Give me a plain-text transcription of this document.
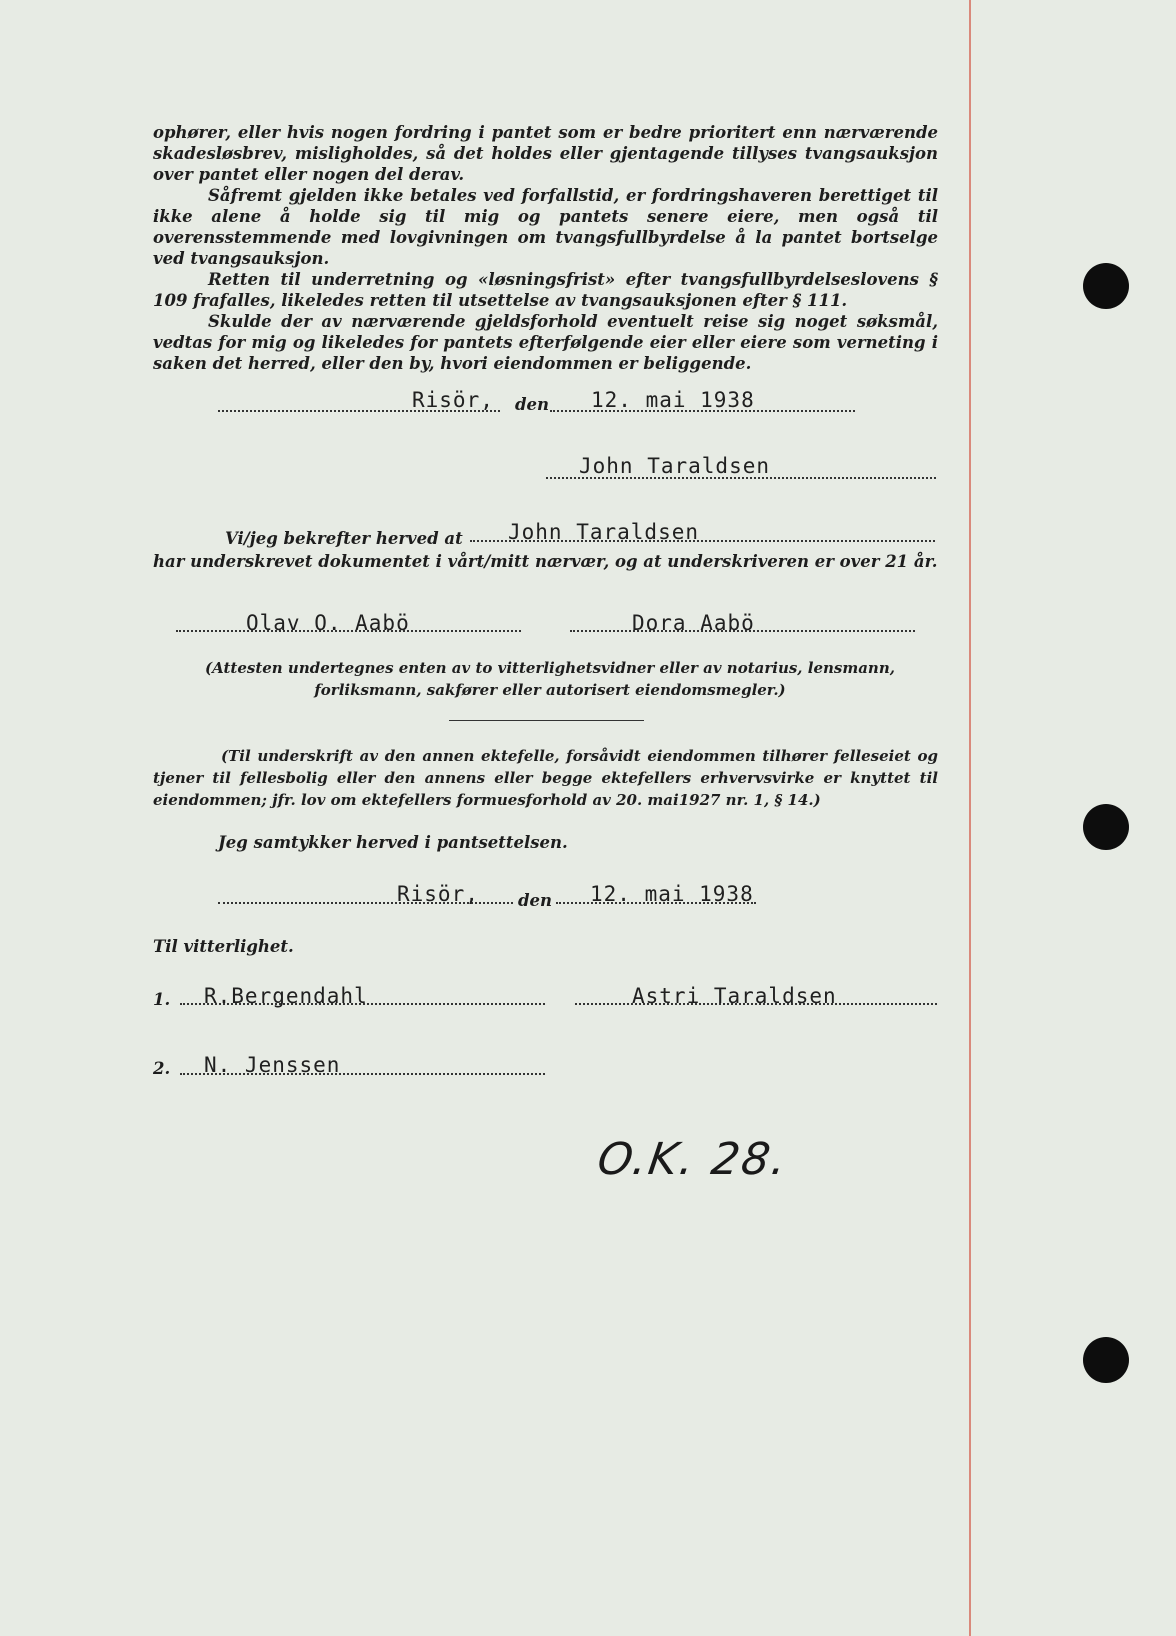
ophører, eller hvis nogen fordring i pantet som er bedre prioritert enn nærværende skadesløsbrev, misligholdes, så det holdes eller gjentagende tillyses tvangsauksjon over pantet eller nogen del derav.

Såfremt gjelden ikke betales ved forfallstid, er fordringshaveren berettiget til ikke alene å holde sig til mig og pantets senere eiere, men også til overensstemmende med lovgivningen om tvangsfullbyrdelse å la pantet bortselge ved tvangsauksjon.

Retten til underretning og «løsningsfrist» efter tvangsfullbyrdelseslovens § 109 frafalles, likeledes retten til utsettelse av tvangsauksjonen efter § 111.

Skulde der av nærværende gjeldsforhold eventuelt reise sig noget søksmål, vedtas for mig og likeledes for pantets efterfølgende eier eller eiere som verneting i saken det herred, eller den by, hvori eiendommen er beliggende.

Risör, den 12. mai 1938
John Taraldsen
Vi/jeg bekrefter herved at John Taraldsen
har underskrevet dokumentet i vårt/mitt nærvær, og at underskriveren er over 21 år.
Olav O. Aabö	Dora Aabö
(Attesten undertegnes enten av to vitterlighetsvidner eller av notarius, lensmann, forliksmann, sakfører eller autorisert eiendomsmegler.)
(Til underskrift av den annen ektefelle, forsåvidt eiendommen tilhører felleseiet og tjener til fellesbolig eller den annens eller begge ektefellers erhvervsvirke er knyttet til eiendommen; jfr. lov om ektefellers formuesforhold av 20. mai1927 nr. 1, § 14.)
Jeg samtykker herved i pantsettelsen.
Risör, den 12. mai 1938
Til vitterlighet.
1. R.Bergendahl	Astri Taraldsen
2. N. Jenssen
O.K. 28.
